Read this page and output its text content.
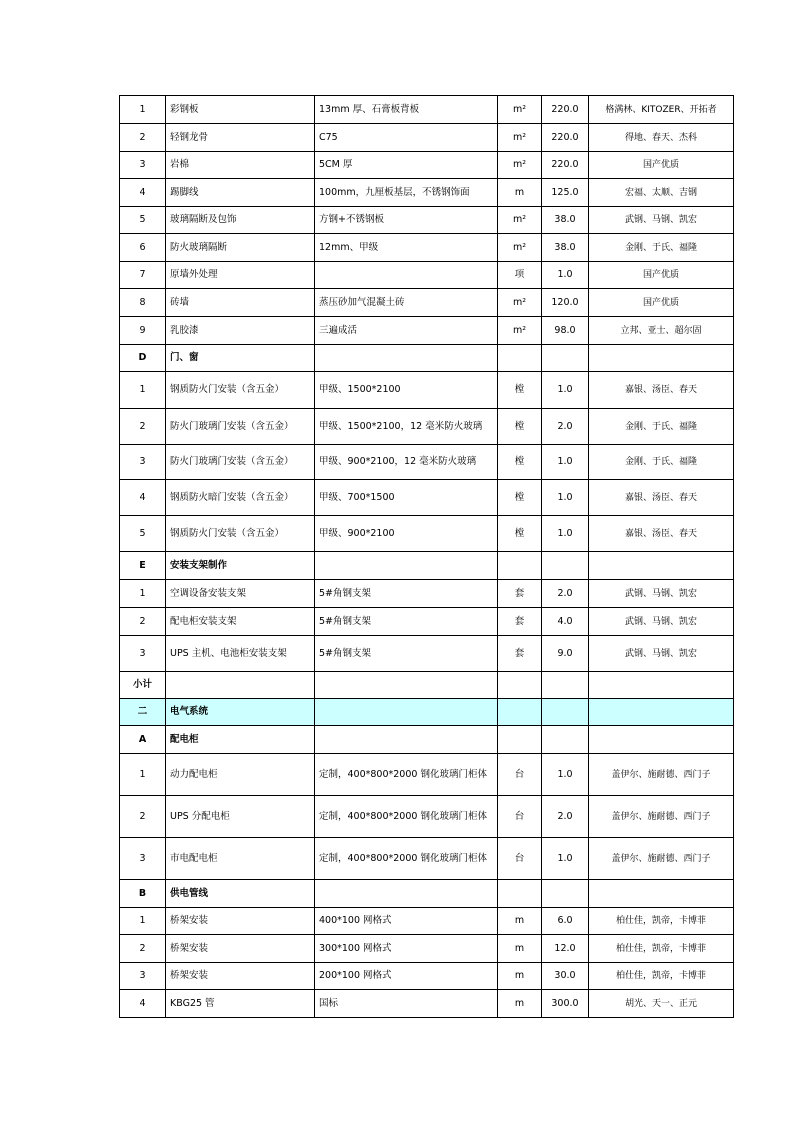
1	彩钢板	13mm 厚、石膏板背板	m²	220.0	格满林、KITOZER、开拓者
2	轻钢龙骨	C75	m²	220.0	得地、春天、杰科
3	岩棉	5CM 厚	m²	220.0	国产优质
4	踢脚线	100mm，九厘板基层，不锈钢饰面	m	125.0	宏福、太顺、吉钢
5	玻璃隔断及包饰	方钢+不锈钢板	m²	38.0	武钢、马钢、凯宏
6	防火玻璃隔断	12mm、甲级	m²	38.0	金刚、于氏、福隆
7	原墙外处理		项	1.0	国产优质
8	砖墙	蒸压砂加气混凝土砖	m²	120.0	国产优质
9	乳胶漆	三遍成活	m²	98.0	立邦、亚士、超尔固
D	门、窗				
1	钢质防火门安装（含五金）	甲级、1500*2100	樘	1.0	嘉银、汤臣、春天
2	防火门玻璃门安装（含五金）	甲级、1500*2100，12 毫米防火玻璃	樘	2.0	金刚、于氏、福隆
3	防火门玻璃门安装（含五金）	甲级、900*2100，12 毫米防火玻璃	樘	1.0	金刚、于氏、福隆
4	钢质防火暗门安装（含五金）	甲级、700*1500	樘	1.0	嘉银、汤臣、春天
5	钢质防火门安装（含五金）	甲级、900*2100	樘	1.0	嘉银、汤臣、春天
E	安装支架制作				
1	空调设备安装支架	5#角钢支架	套	2.0	武钢、马钢、凯宏
2	配电柜安装支架	5#角钢支架	套	4.0	武钢、马钢、凯宏
3	UPS 主机、电池柜安装支架	5#角钢支架	套	9.0	武钢、马钢、凯宏
小计					
二	电气系统				
A	配电柜				
1	动力配电柜	定制，400*800*2000 钢化玻璃门柜体	台	1.0	盖伊尔、施耐德、西门子
2	UPS 分配电柜	定制，400*800*2000 钢化玻璃门柜体	台	2.0	盖伊尔、施耐德、西门子
3	市电配电柜	定制，400*800*2000 钢化玻璃门柜体	台	1.0	盖伊尔、施耐德、西门子
B	供电管线				
1	桥架安装	400*100 网格式	m	6.0	柏仕佳，凯帝，卡博菲
2	桥架安装	300*100 网格式	m	12.0	柏仕佳，凯帝，卡博菲
3	桥架安装	200*100 网格式	m	30.0	柏仕佳，凯帝，卡博菲
4	KBG25 管	国标	m	300.0	胡光、天一、正元
